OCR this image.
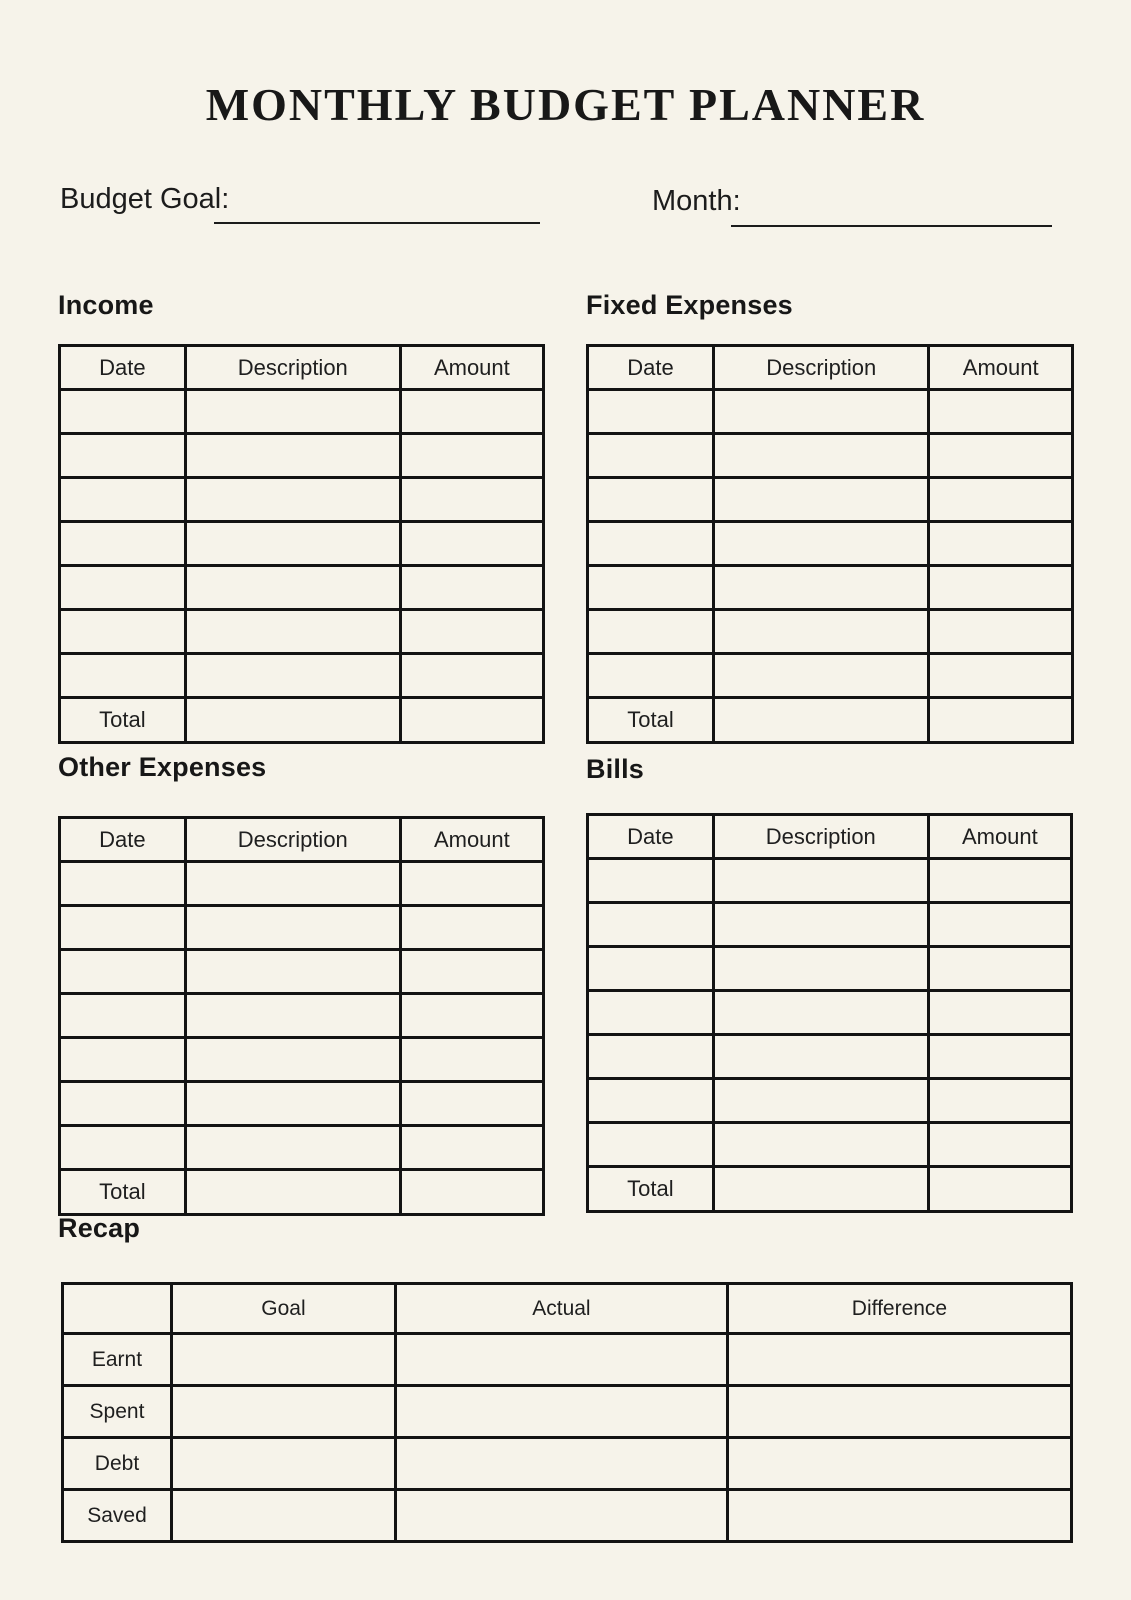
MONTHLY BUDGET PLANNER
Budget Goal:	Month:
Income	Fixed Expenses
Date	Description	Amount

Total		
Date	Description	Amount

Total		
Other Expenses	Bills
Date	Description	Amount

Total		
Date	Description	Amount

Total		
Recap
	Goal	Actual	Difference
Earnt			
Spent			
Debt			
Saved			
